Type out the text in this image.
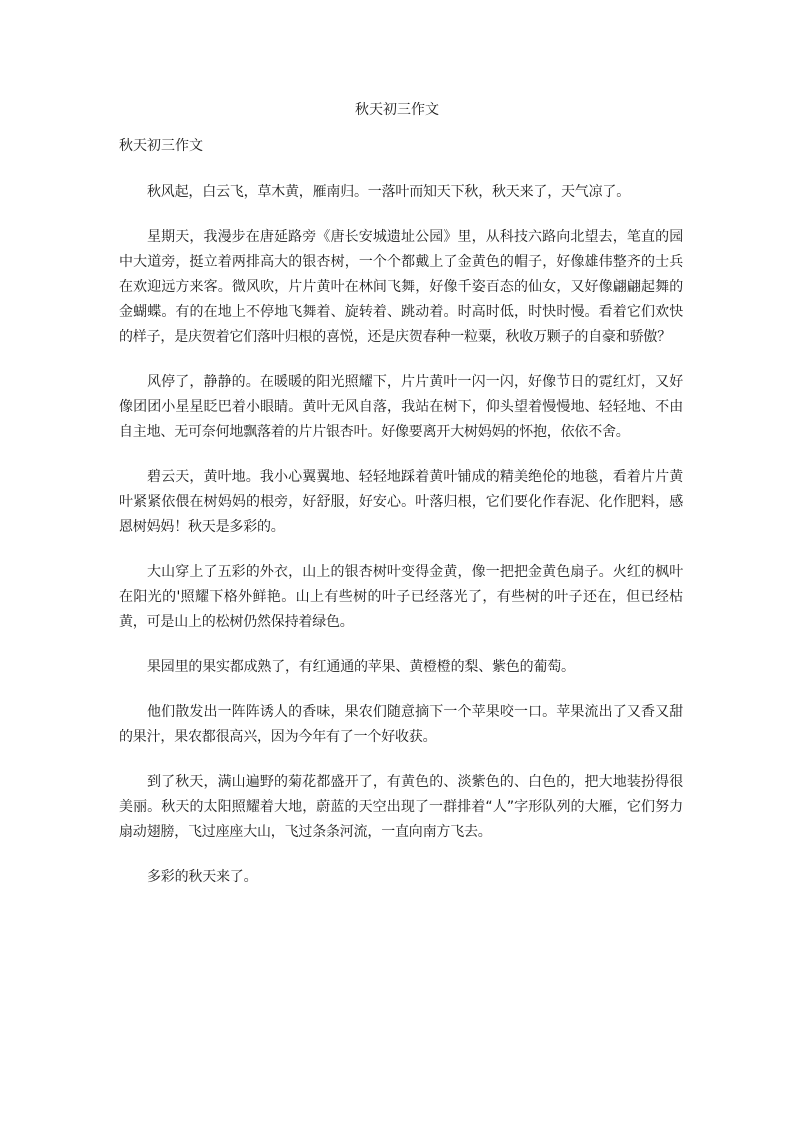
秋天初三作文
秋天初三作文

秋风起，白云飞，草木黄，雁南归。一落叶而知天下秋，秋天来了，天气凉了。

星期天，我漫步在唐延路旁《唐长安城遗址公园》里，从科技六路向北望去，笔直的园中大道旁，挺立着两排高大的银杏树，一个个都戴上了金黄色的帽子，好像雄伟整齐的士兵在欢迎远方来客。微风吹，片片黄叶在林间飞舞，好像千姿百态的仙女，又好像翩翩起舞的金蝴蝶。有的在地上不停地飞舞着、旋转着、跳动着。时高时低，时快时慢。看着它们欢快的样子，是庆贺着它们落叶归根的喜悦，还是庆贺春种一粒粟，秋收万颗子的自豪和骄傲？

风停了，静静的。在暖暖的阳光照耀下，片片黄叶一闪一闪，好像节日的霓红灯，又好像团团小星星眨巴着小眼睛。黄叶无风自落，我站在树下，仰头望着慢慢地、轻轻地、不由自主地、无可奈何地飘落着的片片银杏叶。好像要离开大树妈妈的怀抱，依依不舍。

碧云天，黄叶地。我小心翼翼地、轻轻地踩着黄叶铺成的精美绝伦的地毯，看着片片黄叶紧紧依偎在树妈妈的根旁，好舒服，好安心。叶落归根，它们要化作春泥、化作肥料，感恩树妈妈！秋天是多彩的。

大山穿上了五彩的外衣，山上的银杏树叶变得金黄，像一把把金黄色扇子。火红的枫叶在阳光的'照耀下格外鲜艳。山上有些树的叶子已经落光了，有些树的叶子还在，但已经枯黄，可是山上的松树仍然保持着绿色。

果园里的果实都成熟了，有红通通的苹果、黄橙橙的梨、紫色的葡萄。

他们散发出一阵阵诱人的香味，果农们随意摘下一个苹果咬一口。苹果流出了又香又甜的果汁，果农都很高兴，因为今年有了一个好收获。

到了秋天，满山遍野的菊花都盛开了，有黄色的、淡紫色的、白色的，把大地装扮得很美丽。秋天的太阳照耀着大地，蔚蓝的天空出现了一群排着“人”字形队列的大雁，它们努力扇动翅膀，飞过座座大山，飞过条条河流，一直向南方飞去。

多彩的秋天来了。
